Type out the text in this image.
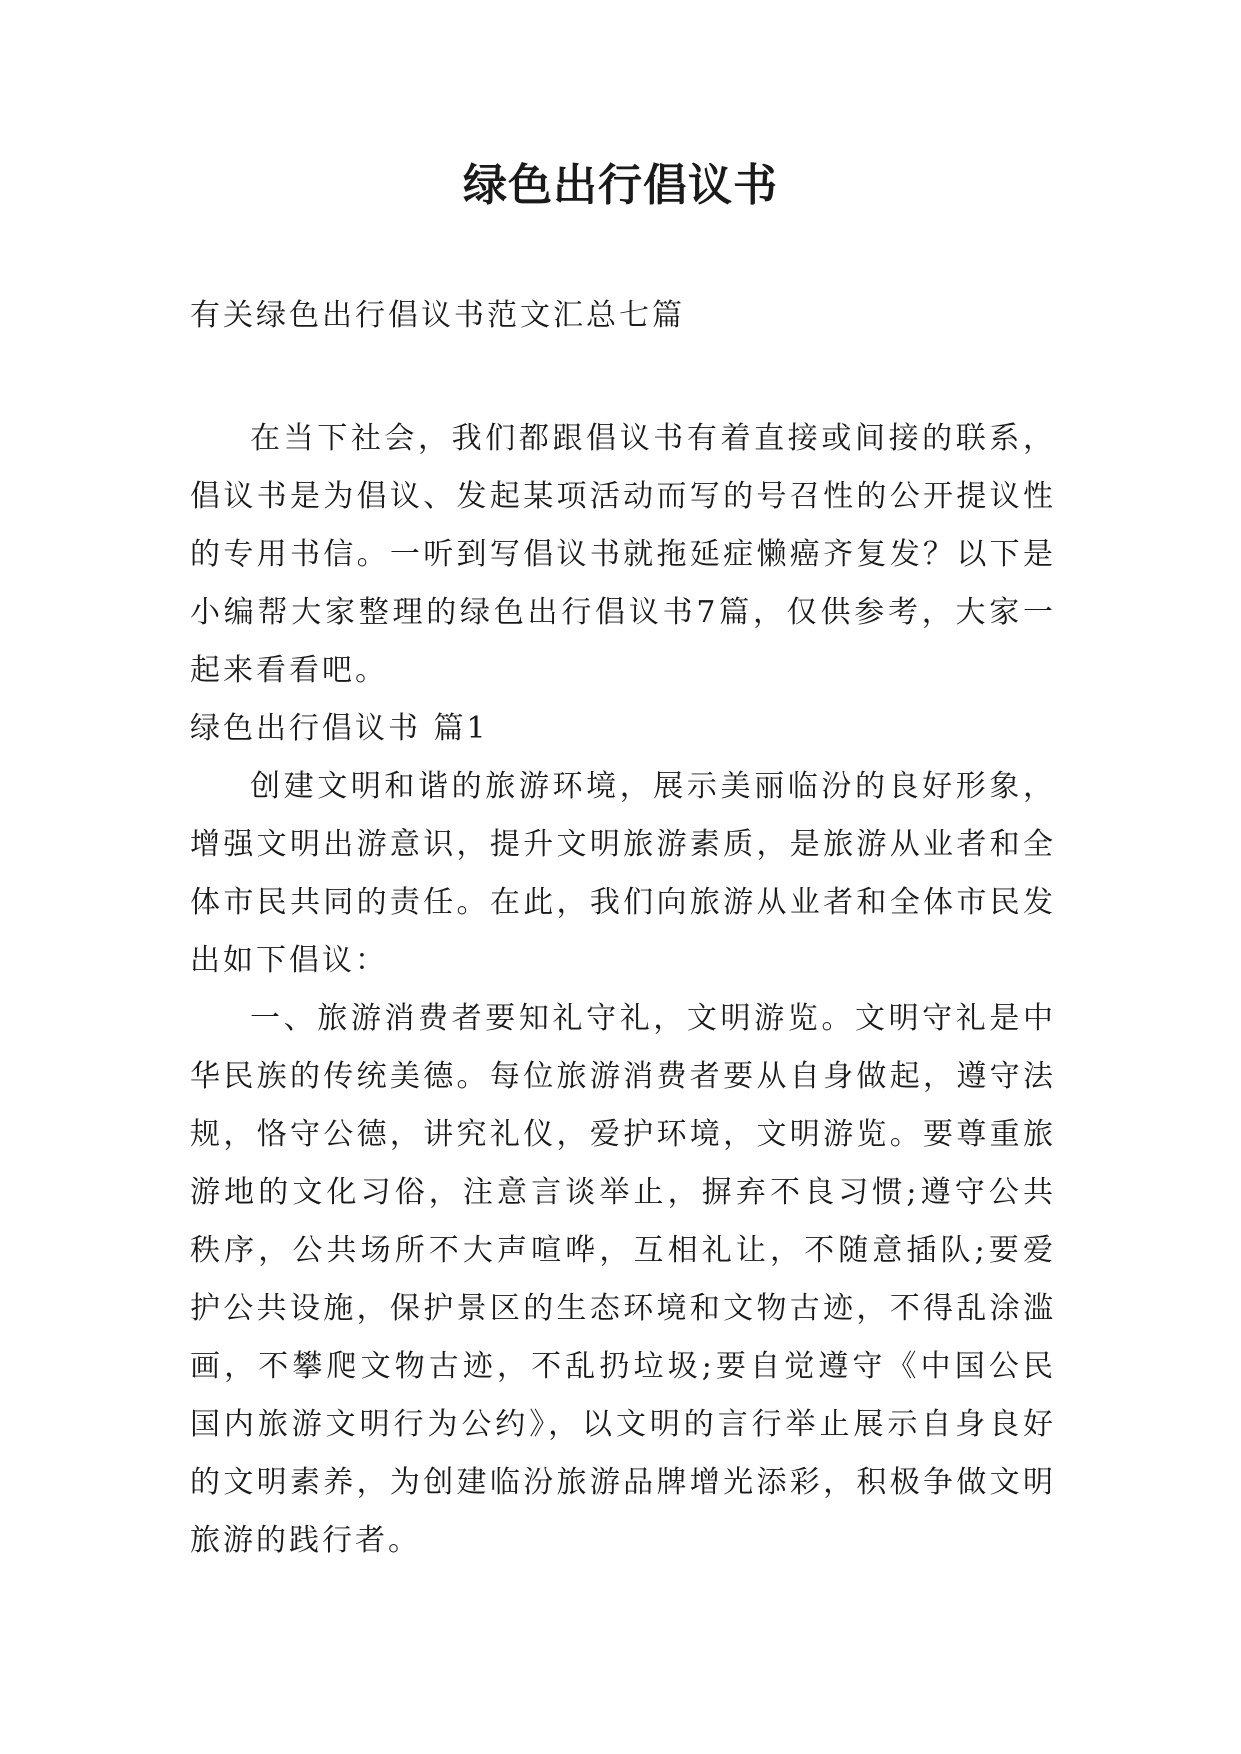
绿色出行倡议书

有关绿色出行倡议书范文汇总七篇

在当下社会，我们都跟倡议书有着直接或间接的联系，倡议书是为倡议、发起某项活动而写的号召性的公开提议性的专用书信。一听到写倡议书就拖延症懒癌齐复发？以下是小编帮大家整理的绿色出行倡议书7篇，仅供参考，大家一起来看看吧。

绿色出行倡议书 篇1

创建文明和谐的旅游环境，展示美丽临汾的良好形象，增强文明出游意识，提升文明旅游素质，是旅游从业者和全体市民共同的责任。在此，我们向旅游从业者和全体市民发出如下倡议：

一、旅游消费者要知礼守礼，文明游览。文明守礼是中华民族的传统美德。每位旅游消费者要从自身做起，遵守法规，恪守公德，讲究礼仪，爱护环境，文明游览。要尊重旅游地的文化习俗，注意言谈举止，摒弃不良习惯;遵守公共秩序，公共场所不大声喧哗，互相礼让，不随意插队;要爱护公共设施，保护景区的生态环境和文物古迹，不得乱涂滥画，不攀爬文物古迹，不乱扔垃圾;要自觉遵守《中国公民国内旅游文明行为公约》，以文明的言行举止展示自身良好的文明素养，为创建临汾旅游品牌增光添彩，积极争做文明旅游的践行者。
